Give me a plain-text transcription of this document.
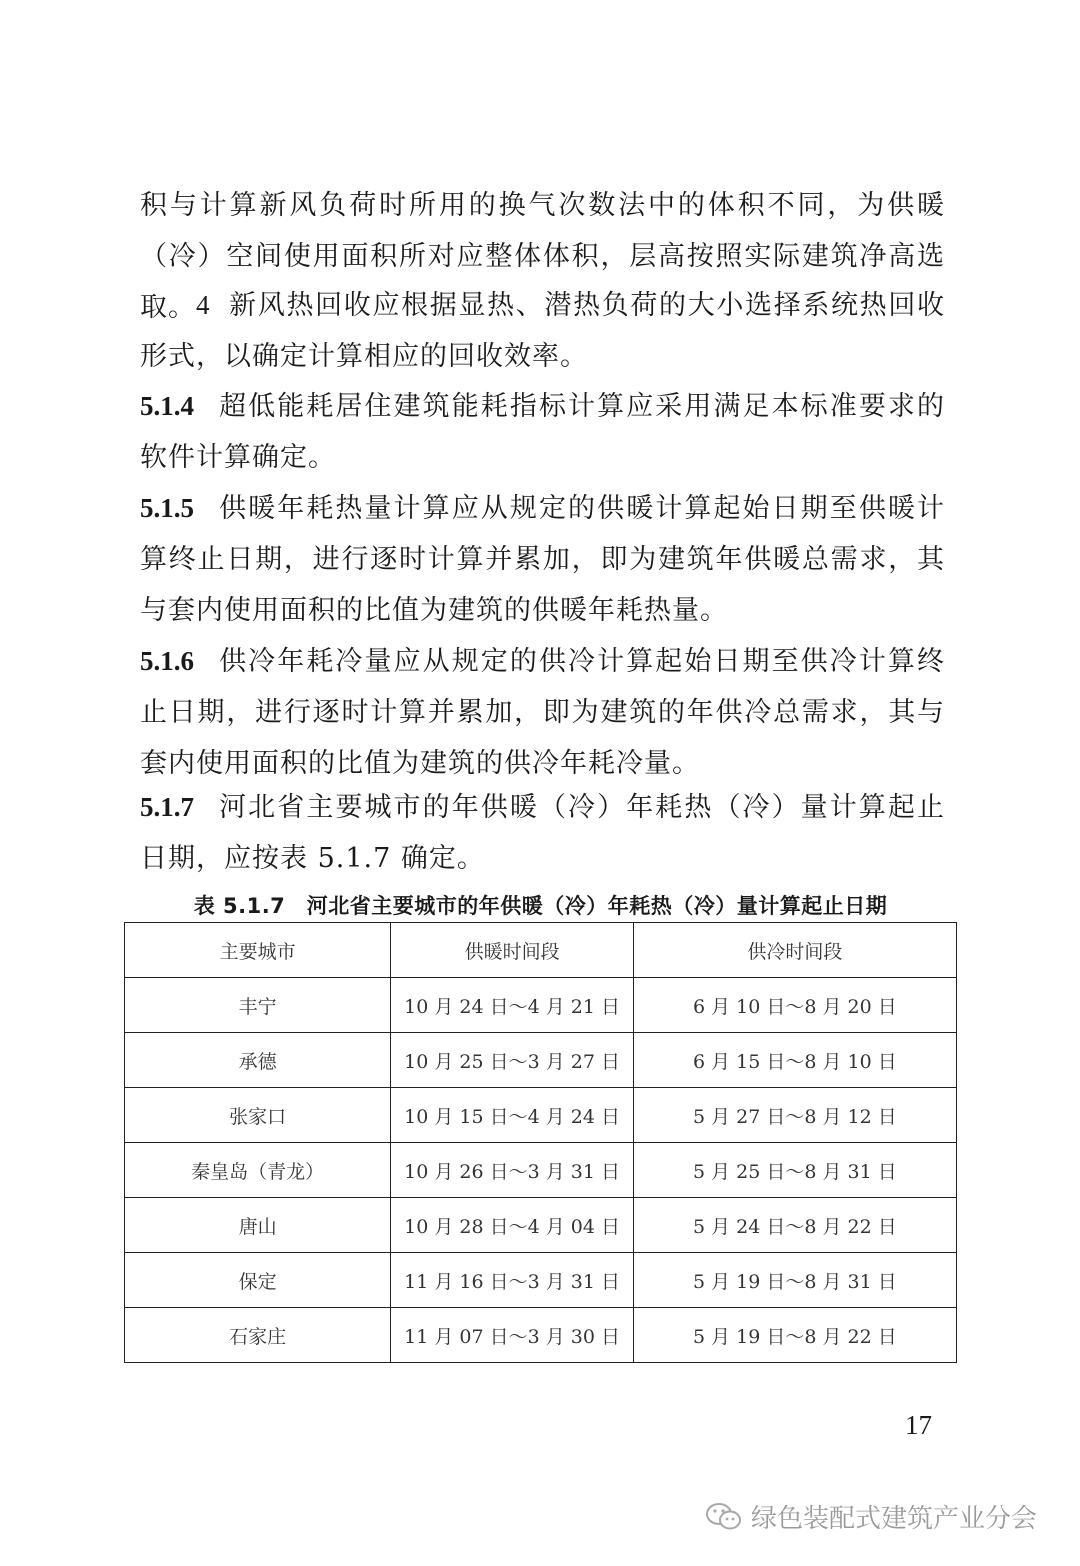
积与计算新风负荷时所用的换气次数法中的体积不同，为供暖（冷）空间使用面积所对应整体体积，层高按照实际建筑净高选取。 4 新风热回收应根据显热、潜热负荷的大小选择系统热回收形式，以确定计算相应的回收效率。

5.1.4 超低能耗居住建筑能耗指标计算应采用满足本标准要求的软件计算确定。

5.1.5 供暖年耗热量计算应从规定的供暖计算起始日期至供暖计算终止日期，进行逐时计算并累加，即为建筑年供暖总需求，其与套内使用面积的比值为建筑的供暖年耗热量。

5.1.6 供冷年耗冷量应从规定的供冷计算起始日期至供冷计算终止日期，进行逐时计算并累加，即为建筑的年供冷总需求，其与套内使用面积的比值为建筑的供冷年耗冷量。

5.1.7 河北省主要城市的年供暖（冷）年耗热（冷）量计算起止日期，应按表 5.1.7 确定。

表 5.1.7　河北省主要城市的年供暖（冷）年耗热（冷）量计算起止日期
主要城市	供暖时间段	供冷时间段
丰宁	10 月 24 日～4 月 21 日	6 月 10 日～8 月 20 日
承德	10 月 25 日～3 月 27 日	6 月 15 日～8 月 10 日
张家口	10 月 15 日～4 月 24 日	5 月 27 日～8 月 12 日
秦皇岛（青龙）	10 月 26 日～3 月 31 日	5 月 25 日～8 月 31 日
唐山	10 月 28 日～4 月 04 日	5 月 24 日～8 月 22 日
保定	11 月 16 日～3 月 31 日	5 月 19 日～8 月 31 日
石家庄	11 月 07 日～3 月 30 日	5 月 19 日～8 月 22 日
17
绿色装配式建筑产业分会
